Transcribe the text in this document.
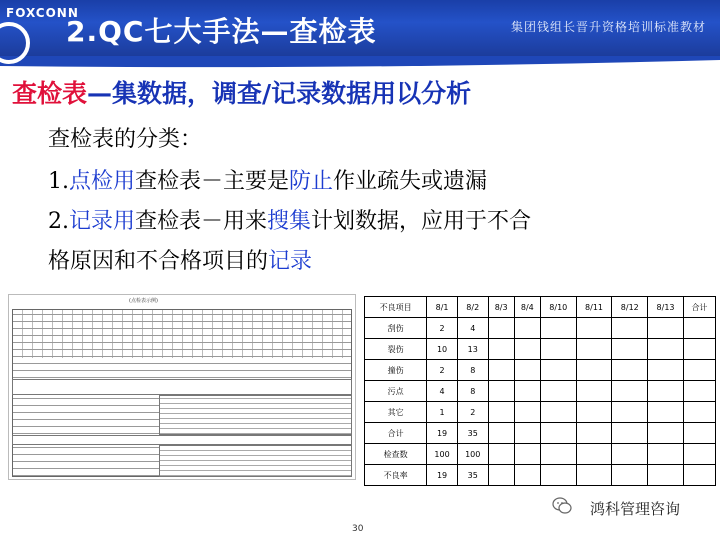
FOXCONN
2.QC七大手法—查检表	集团钱组长晋升资格培训标准教材
查检表—集数据，调查/记录数据用以分析
查检表的分类：
1.点检用查检表－主要是防止作业疏失或遗漏
2.记录用查检表－用来搜集计划数据，应用于不合
格原因和不合格项目的记录
(点检表示例)
不良项目	8/1	8/2	8/3	8/4	8/10	8/11	8/12	8/13	合计
刮伤	2	4							
裂伤	10	13							
撞伤	2	8							
污点	4	8							
其它	1	2							
合计	19	35							
检查数	100	100							
不良率	19	35							
鸿科管理咨询
30
